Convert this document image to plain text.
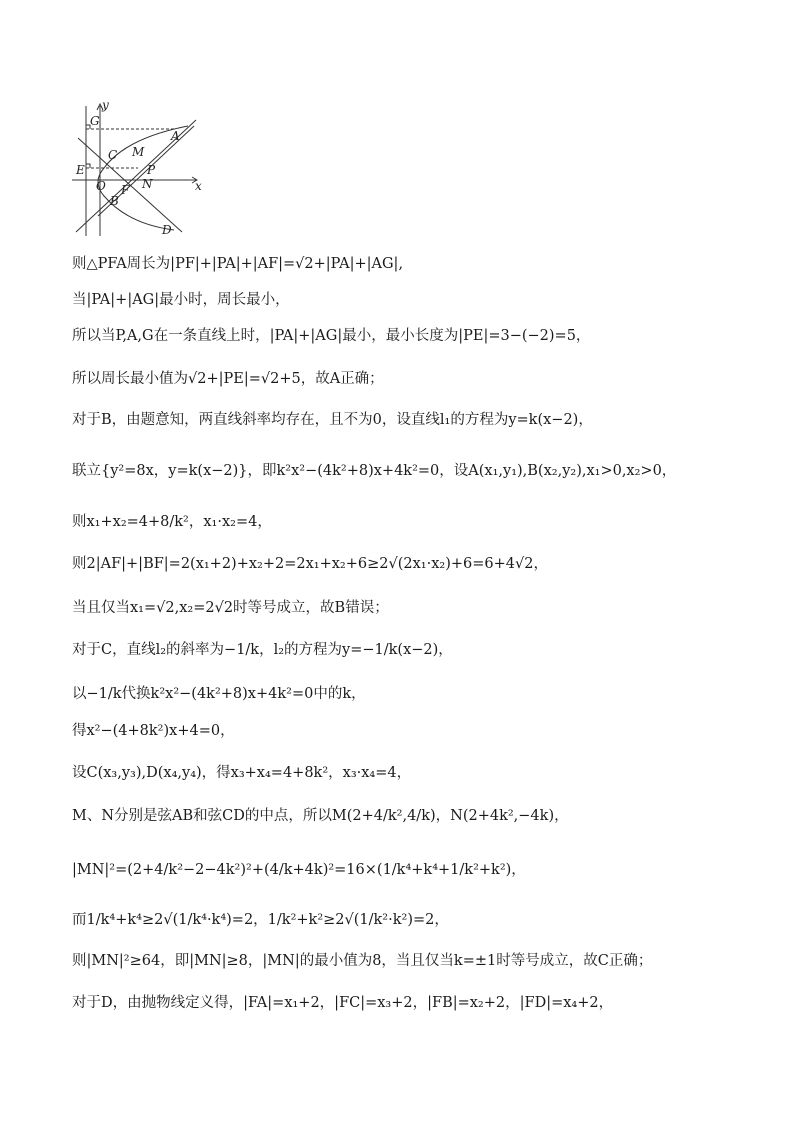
y
x
G
A
C M
E	P
O F N
B
D
则△PFA周长为|PF|+|PA|+|AF|=√2+|PA|+|AG|,
当|PA|+|AG|最小时，周长最小，
所以当P,A,G在一条直线上时，|PA|+|AG|最小，最小长度为|PE|=3−(−2)=5，
所以周长最小值为√2+|PE|=√2+5，故A正确；
对于B，由题意知，两直线斜率均存在，且不为0，设直线l₁的方程为y=k(x−2)，
联立{y²=8x，y=k(x−2)}，即k²x²−(4k²+8)x+4k²=0，设A(x₁,y₁),B(x₂,y₂),x₁>0,x₂>0，
则x₁+x₂=4+8/k²，x₁·x₂=4，
则2|AF|+|BF|=2(x₁+2)+x₂+2=2x₁+x₂+6≥2√(2x₁·x₂)+6=6+4√2，
当且仅当x₁=√2,x₂=2√2时等号成立，故B错误；
对于C，直线l₂的斜率为−1/k，l₂的方程为y=−1/k(x−2)，
以−1/k代换k²x²−(4k²+8)x+4k²=0中的k，
得x²−(4+8k²)x+4=0，
设C(x₃,y₃),D(x₄,y₄)，得x₃+x₄=4+8k²，x₃·x₄=4，
M、N分别是弦AB和弦CD的中点，所以M(2+4/k²,4/k)，N(2+4k²,−4k)，
|MN|²=(2+4/k²−2−4k²)²+(4/k+4k)²=16×(1/k⁴+k⁴+1/k²+k²)，
而1/k⁴+k⁴≥2√(1/k⁴·k⁴)=2，1/k²+k²≥2√(1/k²·k²)=2，
则|MN|²≥64，即|MN|≥8，|MN|的最小值为8，当且仅当k=±1时等号成立，故C正确；
对于D，由抛物线定义得，|FA|=x₁+2，|FC|=x₃+2，|FB|=x₂+2，|FD|=x₄+2，
